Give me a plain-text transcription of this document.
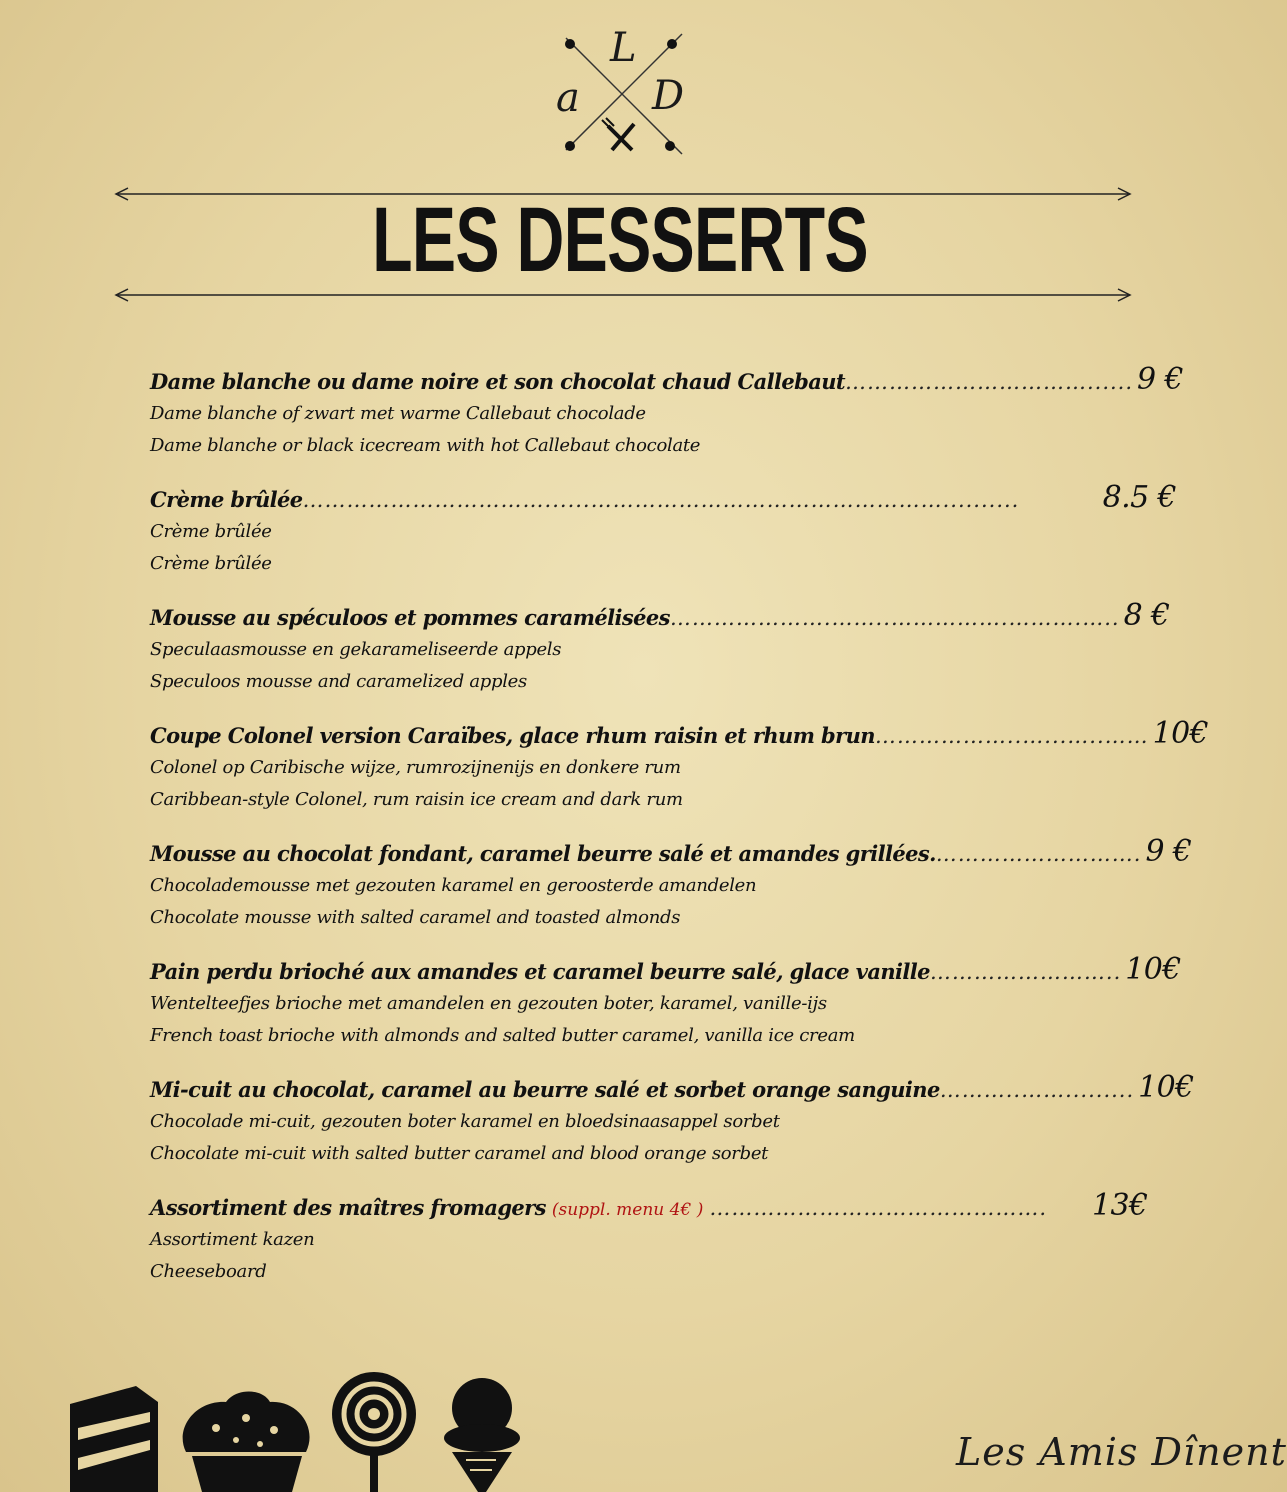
L
a D
LES DESSERTS
Dame blanche ou dame noire et son chocolat chaud Callebaut ……………………………...... 9 €
Dame blanche of zwart met warme Callebaut chocolade
Dame blanche or black icecream with hot Callebaut chocolate
Crème brûlée ……………………………......…………………………………………..........	8.5 €
Crème brûlée
Crème brûlée
Mousse au spéculoos et pommes caramélisées ………………….……..…………….……….….. 8 €
Speculaasmousse en gekarameliseerde appels
Speculoos mousse and caramelized apples
Coupe Colonel version Caraïbes, glace rhum raisin et rhum brun ………………..…...…..…… 10€
Colonel op Caribische wijze, rumrozijnenijs en donkere rum
Caribbean-style Colonel, rum raisin ice cream and dark rum
Mousse au chocolat fondant, caramel beurre salé et amandes grillées. ………………………. 9 €
Chocolademousse met gezouten karamel en geroosterde amandelen
Chocolate mousse with salted caramel and toasted almonds
Pain perdu brioché aux amandes et caramel beurre salé, glace vanille …………………….. 10€
Wentelteefjes brioche met amandelen en gezouten boter, karamel, vanille-ijs
French toast brioche with almonds and salted butter caramel, vanilla ice cream
Mi-cuit au chocolat, caramel au beurre salé et sorbet orange sanguine ………..……......... 10€
Chocolade mi-cuit, gezouten boter karamel en bloedsinaasappel sorbet
Chocolate mi-cuit with salted butter caramel and blood orange sorbet
Assortiment des maîtres fromagers (suppl. menu 4€ ) ……………………………………….	13€
Assortiment kazen
Cheeseboard
Les Amis Dînent
